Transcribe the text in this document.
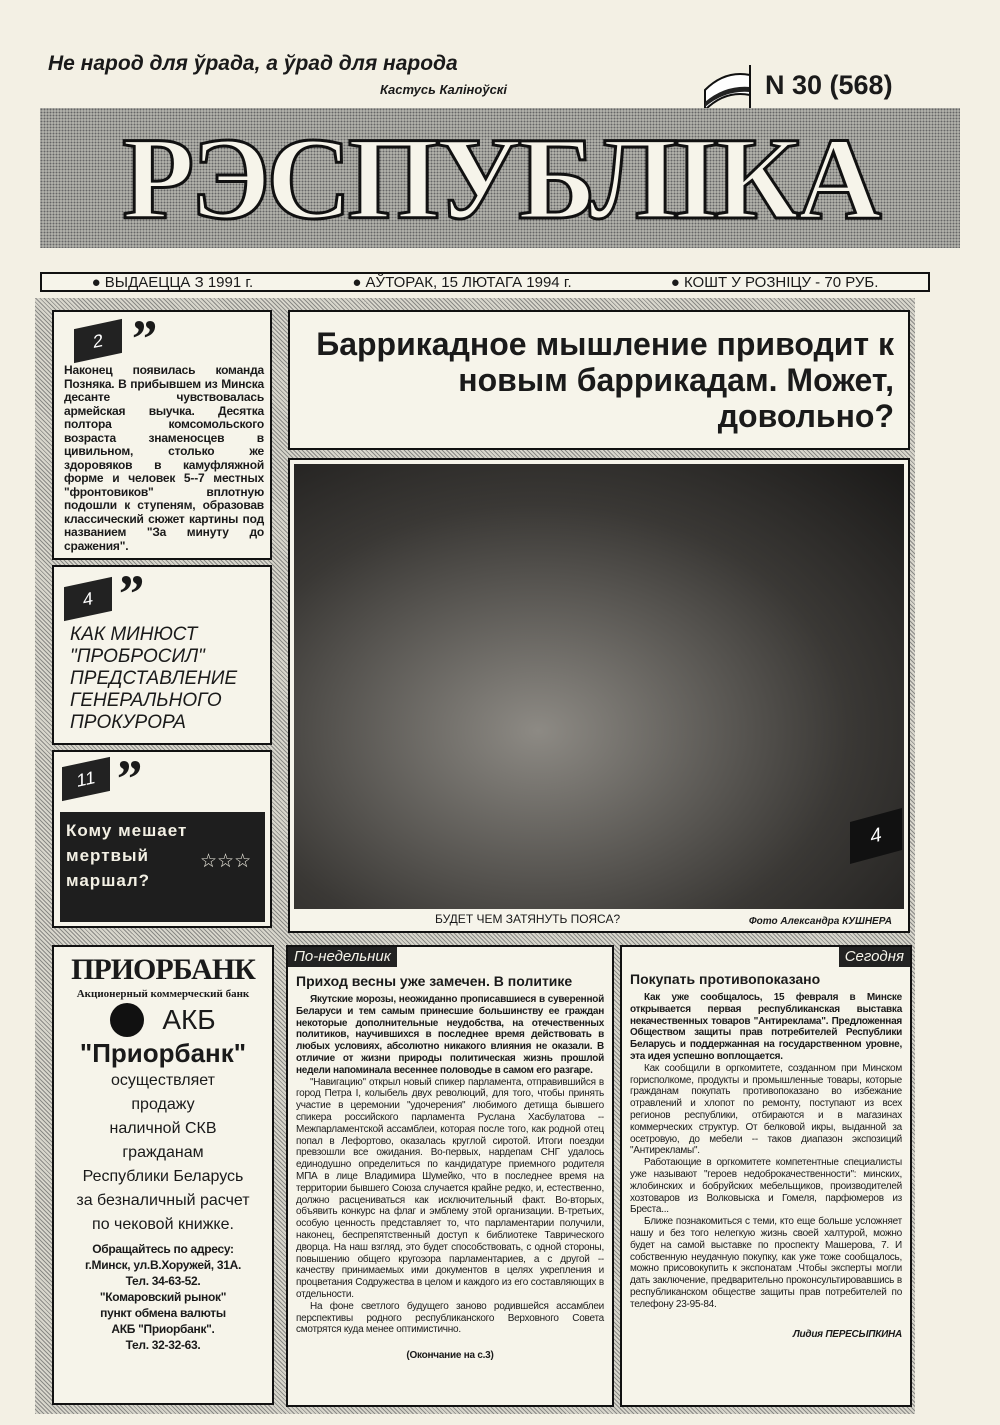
Не народ для ўрада, а ўрад для народа
Кастусь Каліноўскі	N 30 (568)
РЭСПУБЛІКА
● ВЫДАЕЦЦА З 1991 г.	● АЎТОРАК, 15 ЛЮТАГА 1994 г.	● КОШТ У РОЗНІЦУ - 70 РУБ.
2 ”
Наконец появилась команда Позняка. В прибывшем из Минска десанте чувствовалась армейская выучка. Десятка полтора комсомольского возраста знаменосцев в цивильном, столько же здоровяков в камуфляжной форме и человек 5--7 местных "фронтовиков" вплотную подошли к ступеням, образовав классический сюжет картины под названием "За минуту до сражения".
4 ”
КАК МИНЮСТ "ПРОБРОСИЛ" ПРЕДСТАВЛЕНИЕ ГЕНЕРАЛЬНОГО ПРОКУРОРА
11 ”
Кому мешает мертвый маршал?
☆☆☆
Баррикадное мышление приводит к новым баррикадам. Может, довольно?
4
БУДЕТ ЧЕМ ЗАТЯНУТЬ ПОЯСА?	Фото Александра КУШНЕРА
ПРИОРБАНК
Акционерный коммерческий банк
АКБ
"Приорбанк"
осуществляет
продажу
наличной СКВ
гражданам
Республики Беларусь
за безналичный расчет
по чековой книжке.
Обращайтесь по адресу:
г.Минск, ул.В.Хоружей, 31А.
Тел. 34-63-52.
"Комаровский рынок"
пункт обмена валюты
АКБ "Приорбанк".
Тел. 32-32-63.
По-недельник
Приход весны уже замечен. В политике

Якутские морозы, неожиданно прописавшиеся в суверенной Беларуси и тем самым принесшие большинству ее граждан некоторые дополнительные неудобства, на отечественных политиков, научившихся в последнее время действовать в любых условиях, абсолютно никакого влияния не оказали. В отличие от жизни природы политическая жизнь прошлой недели напоминала весеннее половодье в самом его разгаре.

"Навигацию" открыл новый спикер парламента, отправившийся в город Петра I, колыбель двух революций, для того, чтобы принять участие в церемонии "удочерения" любимого детища бывшего спикера российского парламента Руслана Хасбулатова -- Межпарламентской ассамблеи, которая после того, как родной отец попал в Лефортово, оказалась круглой сиротой. Итоги поездки превзошли все ожидания. Во-первых, нардепам СНГ удалось единодушно определиться по кандидатуре приемного родителя МПА в лице Владимира Шумейко, что в последнее время на территории бывшего Союза случается крайне редко, и, естественно, должно расцениваться как исключительный факт. Во-вторых, объявить конкурс на флаг и эмблему этой организации. В-третьих, особую ценность представляет то, что парламентарии получили, наконец, беспрепятственный доступ к библиотеке Таврического дворца. На наш взгляд, это будет способствовать, с одной стороны, повышению общего кругозора парламентариев, а с другой -- качеству принимаемых ими документов в целях укрепления и процветания Содружества в целом и каждого из его составляющих в отдельности.

На фоне светлого будущего заново родившейся ассамблеи перспективы родного республиканского Верховного Совета смотрятся куда менее оптимистично.

(Окончание на с.3)
Сегодня
Покупать противопоказано

Как уже сообщалось, 15 февраля в Минске открывается первая республиканская выставка некачественных товаров "Антиреклама". Предложенная Обществом защиты прав потребителей Республики Беларусь и поддержанная на государственном уровне, эта идея успешно воплощается.

Как сообщили в оргкомитете, созданном при Минском горисполкоме, продукты и промышленные товары, которые гражданам покупать противопоказано во избежание отравлений и хлопот по ремонту, поступают из всех регионов республики, отбираются и в магазинах коммерческих структур. От белковой икры, выданной за осетровую, до мебели -- таков диапазон экспозиций "Антирекламы".

Работающие в оргкомитете компетентные специалисты уже называют "героев недоброкачественности": минских, жлобинских и бобруйских мебельщиков, производителей хозтоваров из Волковыска и Гомеля, парфюмеров из Бреста...

Ближе познакомиться с теми, кто еще больше усложняет нашу и без того нелегкую жизнь своей халтурой, можно будет на самой выставке по проспекту Машерова, 7. И собственную неудачную покупку, как уже тоже сообщалось, можно присовокупить к экспонатам .Чтобы эксперты могли дать заключение, предварительно проконсультировавшись в республиканском обществе защиты прав потребителей по телефону 23-95-84.

Лидия ПЕРЕСЫПКИНА
